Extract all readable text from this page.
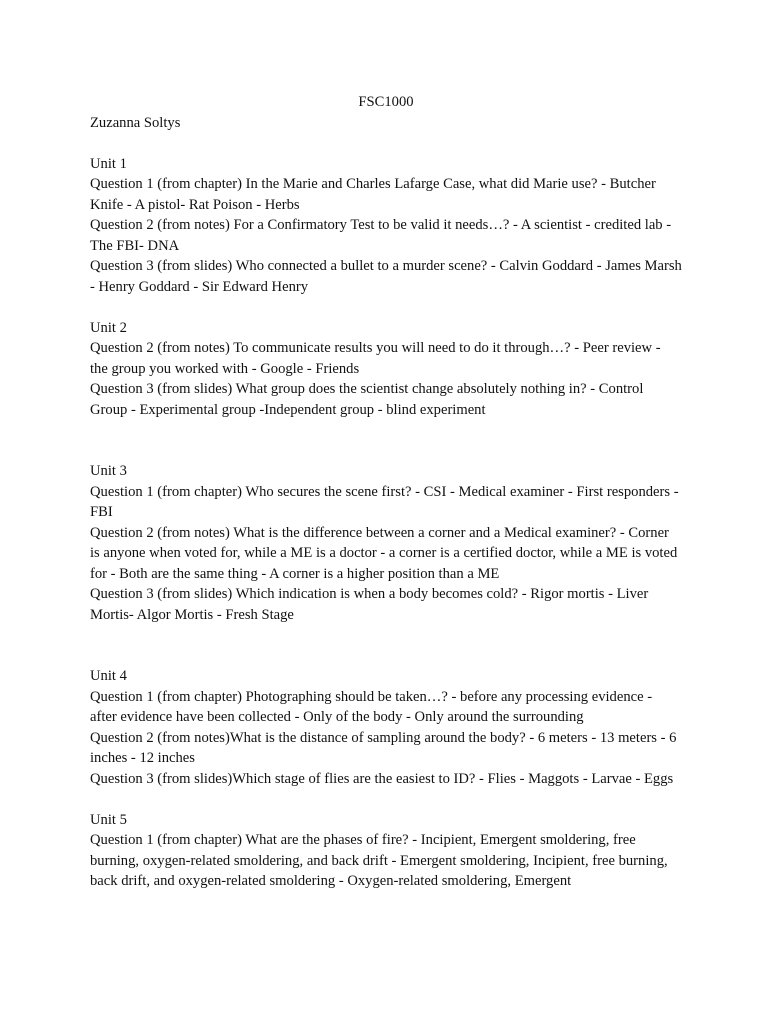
FSC1000

Zuzanna Soltys

Unit 1

Question 1 (from chapter) In the Marie and Charles Lafarge Case, what did Marie use? - Butcher Knife - A pistol- Rat Poison - Herbs

Question 2 (from notes) For a Confirmatory Test to be valid it needs…? - A scientist - credited lab - The FBI- DNA

Question 3 (from slides) Who connected a bullet to a murder scene? - Calvin Goddard - James Marsh - Henry Goddard - Sir Edward Henry

Unit 2

Question 2 (from notes) To communicate results you will need to do it through…? - Peer review - the group you worked with - Google - Friends

Question 3 (from slides) What group does the scientist change absolutely nothing in? - Control Group - Experimental group -Independent group - blind experiment

Unit 3

Question 1 (from chapter) Who secures the scene first? - CSI - Medical examiner - First responders - FBI

Question 2 (from notes) What is the difference between a corner and a Medical examiner? - Corner is anyone when voted for, while a ME is a doctor - a corner is a certified doctor, while a ME is voted for - Both are the same thing - A corner is a higher position than a ME

Question 3 (from slides) Which indication is when a body becomes cold? - Rigor mortis - Liver Mortis- Algor Mortis - Fresh Stage

Unit 4

Question 1 (from chapter) Photographing should be taken…? - before any processing evidence - after evidence have been collected - Only of the body - Only around the surrounding

Question 2 (from notes)What is the distance of sampling around the body? - 6 meters - 13 meters - 6 inches - 12 inches

Question 3 (from slides)Which stage of flies are the easiest to ID? - Flies - Maggots - Larvae - Eggs

Unit 5

Question 1 (from chapter) What are the phases of fire? - Incipient, Emergent smoldering, free burning, oxygen-related smoldering, and back drift - Emergent smoldering, Incipient, free burning, back drift, and oxygen-related smoldering - Oxygen-related smoldering, Emergent
